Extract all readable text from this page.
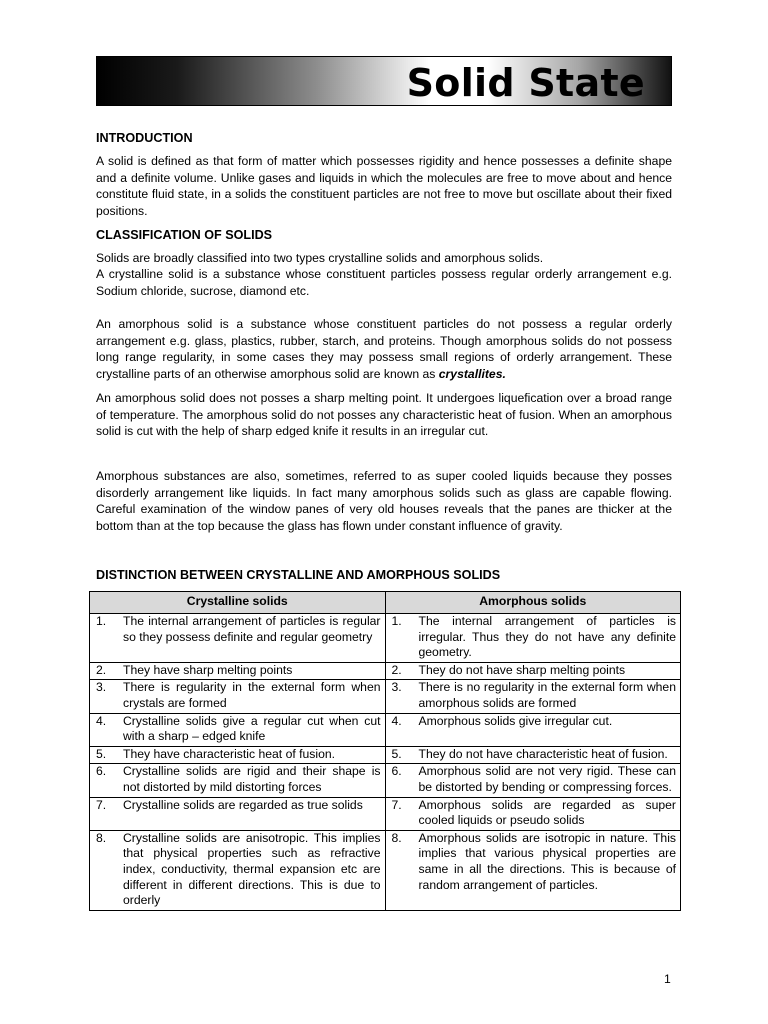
Solid State
INTRODUCTION

A solid is defined as that form of matter which possesses rigidity and hence possesses a definite shape and a definite volume. Unlike gases and liquids in which the molecules are free to move about and hence constitute fluid state, in a solids the constituent particles are not free to move but oscillate about their fixed positions.

CLASSIFICATION OF SOLIDS

Solids are broadly classified into two types crystalline solids and amorphous solids.

A crystalline solid is a substance whose constituent particles possess regular orderly arrangement e.g. Sodium chloride, sucrose, diamond etc.

An amorphous solid is a substance whose constituent particles do not possess a regular orderly arrangement e.g. glass, plastics, rubber, starch, and proteins. Though amorphous solids do not possess long range regularity, in some cases they may possess small regions of orderly arrangement. These crystalline parts of an otherwise amorphous solid are known as crystallites.

An amorphous solid does not posses a sharp melting point. It undergoes liquefication over a broad range of temperature. The amorphous solid do not posses any characteristic heat of fusion. When an amorphous solid is cut with the help of sharp edged knife it results in an irregular cut.

Amorphous substances are also, sometimes, referred to as super cooled liquids because they posses disorderly arrangement like liquids. In fact many amorphous solids such as glass are capable flowing. Careful examination of the window panes of very old houses reveals that the panes are thicker at the bottom than at the top because the glass has flown under constant influence of gravity.

DISTINCTION BETWEEN CRYSTALLINE AND AMORPHOUS SOLIDS
Crystalline solids	Amorphous solids

1. The internal arrangement of particles is regular so they possess definite and regular geometry	1. The internal arrangement of particles is irregular. Thus they do not have any definite geometry.

2. They have sharp melting points	2. They do not have sharp melting points

3. There is regularity in the external form when crystals are formed	3. There is no regularity in the external form when amorphous solids are formed

4. Crystalline solids give a regular cut when cut with a sharp – edged knife	4. Amorphous solids give irregular cut.

5. They have characteristic heat of fusion.	5. They do not have characteristic heat of fusion.

6. Crystalline solids are rigid and their shape is not distorted by mild distorting forces	6. Amorphous solid are not very rigid. These can be distorted by bending or compressing forces.

7. Crystalline solids are regarded as true solids	7. Amorphous solids are regarded as super cooled liquids or pseudo solids

8. Crystalline solids are anisotropic. This implies that physical properties such as refractive index, conductivity, thermal expansion etc are different in different directions. This is due to orderly	8. Amorphous solids are isotropic in nature. This implies that various physical properties are same in all the directions. This is because of random arrangement of particles.
1
